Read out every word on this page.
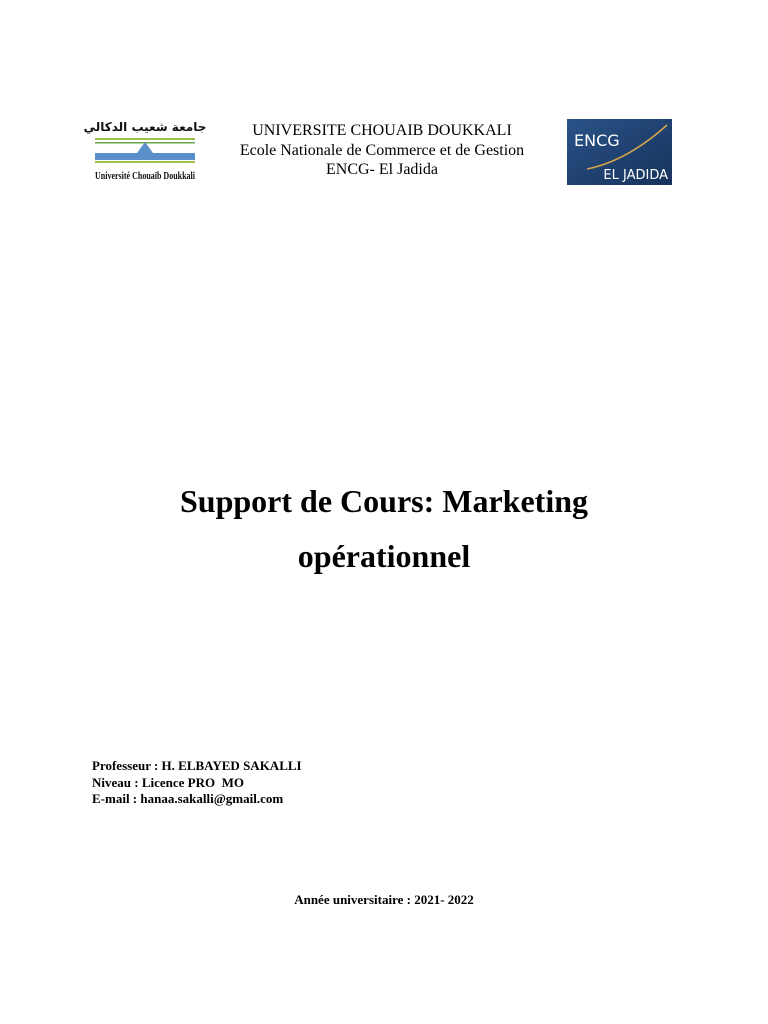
جامعة شعيب الدكالي
Université Chouaïb Doukkali
UNIVERSITE CHOUAIB DOUKKALI
Ecole Nationale de Commerce et de Gestion
ENCG- El Jadida
ENCG
EL JADIDA
Support de Cours: Marketing
opérationnel
Professeur : H. ELBAYED SAKALLI
Niveau : Licence PRO  MO
E-mail : hanaa.sakalli@gmail.com
Année universitaire : 2021- 2022
